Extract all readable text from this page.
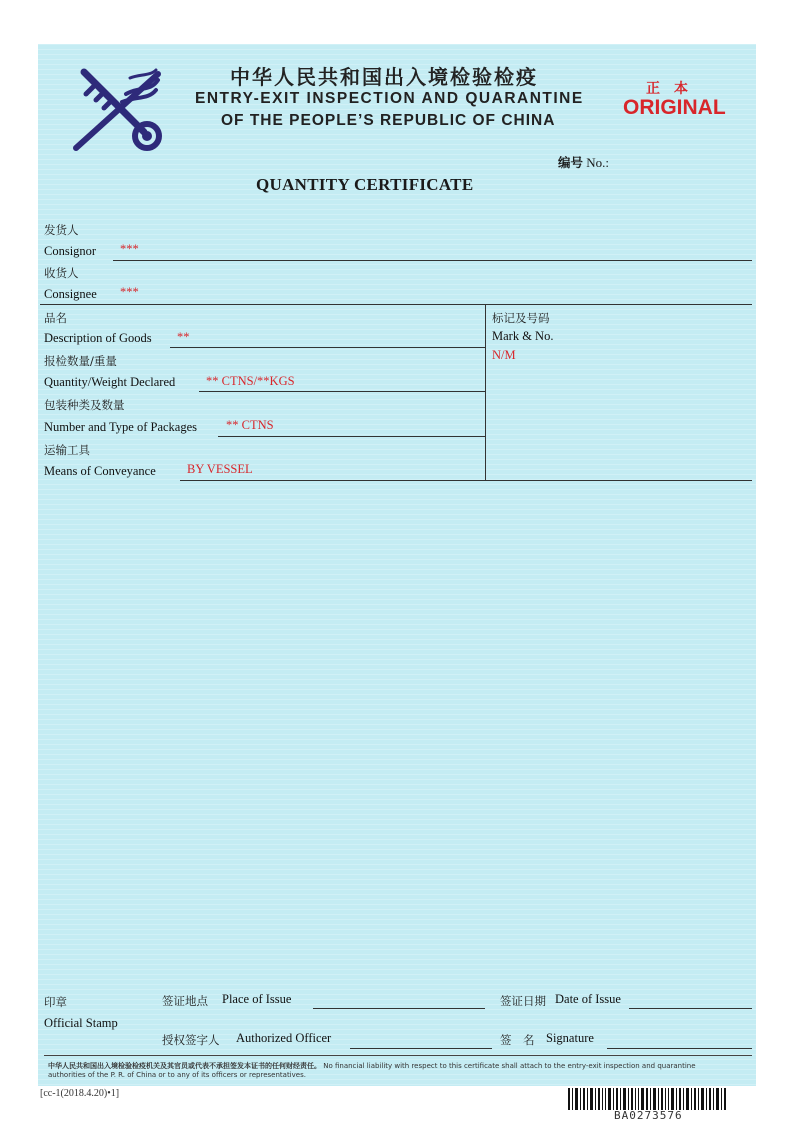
中华人民共和国出入境检验检疫
ENTRY-EXIT INSPECTION AND QUARANTINE
OF THE PEOPLE’S REPUBLIC OF CHINA
正本
ORIGINAL
编号 No.:
QUANTITY CERTIFICATE
发货人
Consignor ***
收货人
Consignee ***
品名
Description of Goods **
标记及号码
Mark & No.
N/M
报检数量/重量
Quantity/Weight Declared ** CTNS/**KGS
包装种类及数量
Number and Type of Packages ** CTNS
运输工具
Means of Conveyance BY VESSEL
印章
Official Stamp
签证地点 Place of Issue	签证日期 Date of Issue
授权签字人 Authorized Officer	签　名 Signature
中华人民共和国出入境检验检疫机关及其官员或代表不承担签发本证书的任何财经责任。 No financial liability with respect to this certificate shall attach to the entry-exit inspection and quarantine
authorities of the P. R. of China or to any of its officers or representatives.
[cc-1(2018.4.20)•1]
BA0273576
